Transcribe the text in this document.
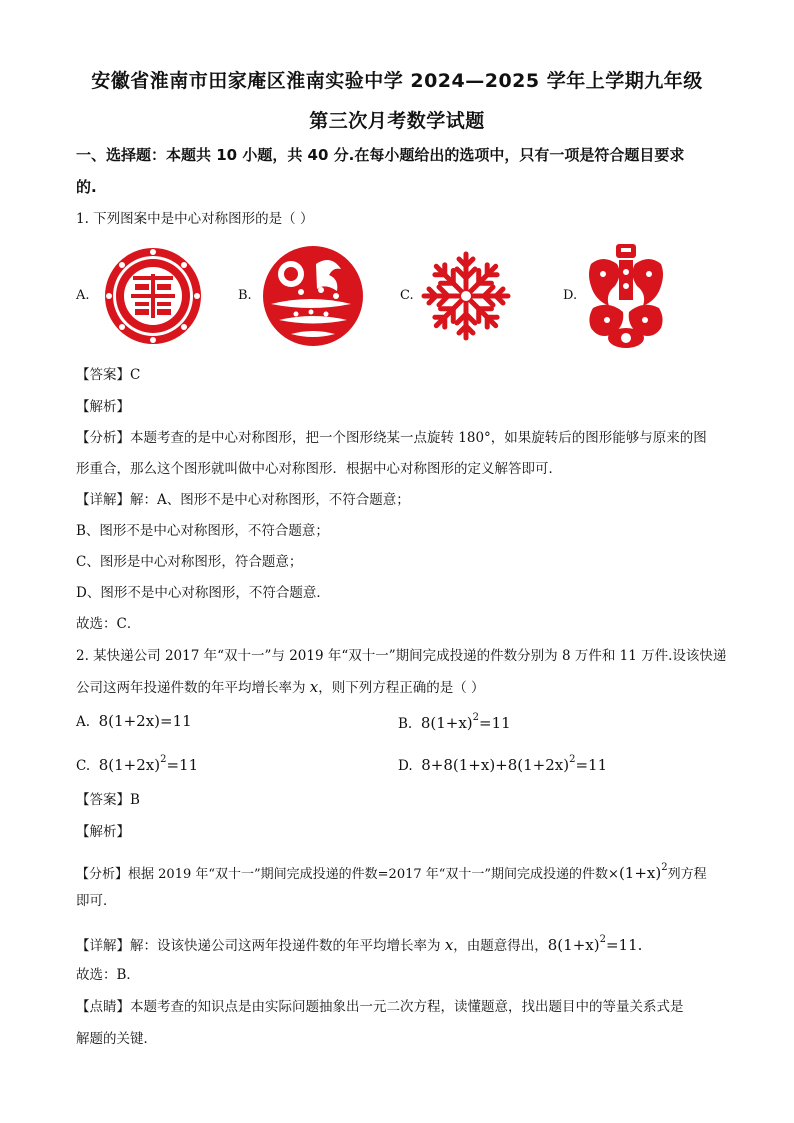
安徽省淮南市田家庵区淮南实验中学 2024—2025 学年上学期九年级
第三次月考数学试题
一、选择题：本题共 10 小题，共 40 分.在每小题给出的选项中，只有一项是符合题目要求
的.
1. 下列图案中是中心对称图形的是（ ）
A.	B.	C.	D.
【答案】C
【解析】
【分析】本题考查的是中心对称图形，把一个图形绕某一点旋转 180°，如果旋转后的图形能够与原来的图
形重合，那么这个图形就叫做中心对称图形．根据中心对称图形的定义解答即可．
【详解】解：A、图形不是中心对称图形，不符合题意；
B、图形不是中心对称图形，不符合题意；
C、图形是中心对称图形，符合题意；
D、图形不是中心对称图形，不符合题意．
故选：C．
2. 某快递公司 2017 年“双十一”与 2019 年“双十一”期间完成投递的件数分别为 8 万件和 11 万件.设该快递
公司这两年投递件数的年平均增长率为 x，则下列方程正确的是（ ）
A. 8(1+2x)=11	B. $8(1+x)^2=11$
C. $8(1+2x)^2=11$	D. $8+8(1+x)+8(1+2x)^2=11$
【答案】B
【解析】
【分析】根据 2019 年“双十一”期间完成投递的件数=2017 年“双十一”期间完成投递的件数$\times(1+x)^2$列方程
即可．
【详解】解：设该快递公司这两年投递件数的年平均增长率为 x，由题意得出，$8(1+x)^2=11$.
故选：B．
【点睛】本题考查的知识点是由实际问题抽象出一元二次方程，读懂题意，找出题目中的等量关系式是
解题的关键．
